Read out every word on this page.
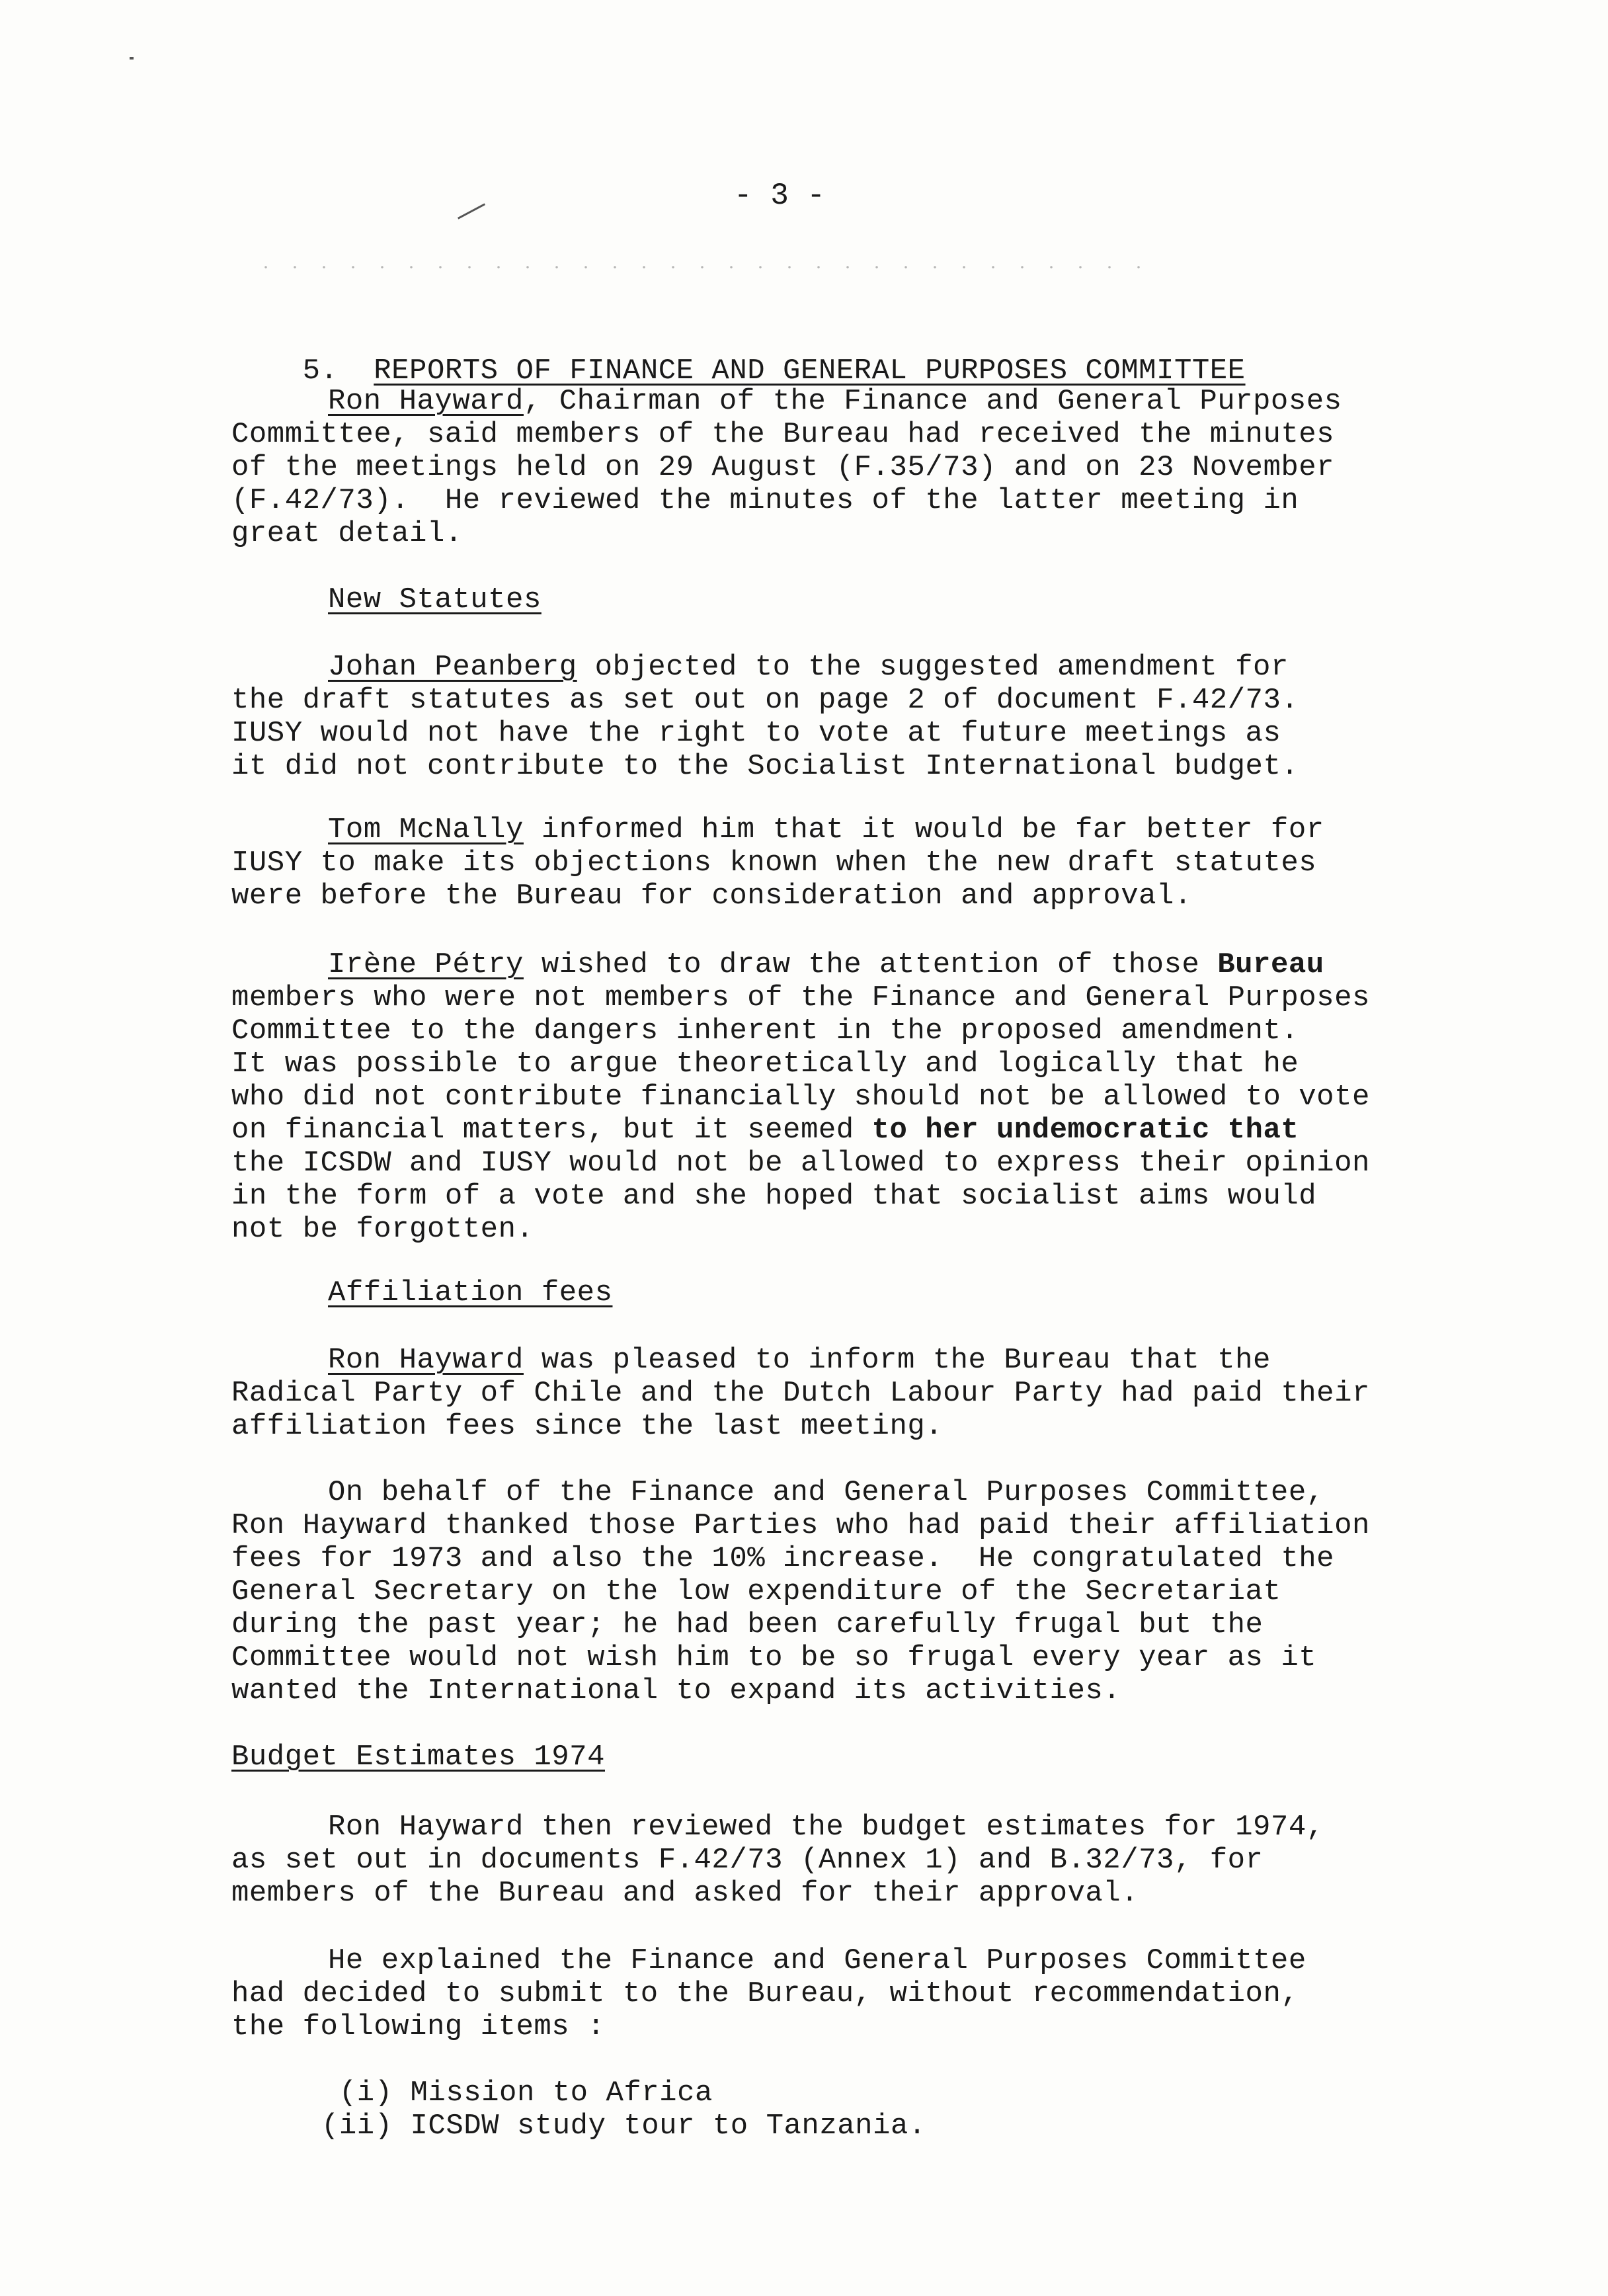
- 3 -

5. REPORTS OF FINANCE AND GENERAL PURPOSES COMMITTEE

Ron Hayward, Chairman of the Finance and General Purposes
Committee, said members of the Bureau had received the minutes
of the meetings held on 29 August (F.35/73) and on 23 November
(F.42/73).  He reviewed the minutes of the latter meeting in
great detail.
New Statutes
Johan Peanberg objected to the suggested amendment for
the draft statutes as set out on page 2 of document F.42/73.
IUSY would not have the right to vote at future meetings as
it did not contribute to the Socialist International budget.
Tom McNally informed him that it would be far better for
IUSY to make its objections known when the new draft statutes
were before the Bureau for consideration and approval.
Irène Pétry wished to draw the attention of those Bureau
members who were not members of the Finance and General Purposes
Committee to the dangers inherent in the proposed amendment.
It was possible to argue theoretically and logically that he
who did not contribute financially should not be allowed to vote
on financial matters, but it seemed to her undemocratic that
the ICSDW and IUSY would not be allowed to express their opinion
in the form of a vote and she hoped that socialist aims would
not be forgotten.
Affiliation fees
Ron Hayward was pleased to inform the Bureau that the
Radical Party of Chile and the Dutch Labour Party had paid their
affiliation fees since the last meeting.
On behalf of the Finance and General Purposes Committee,
Ron Hayward thanked those Parties who had paid their affiliation
fees for 1973 and also the 10% increase.  He congratulated the
General Secretary on the low expenditure of the Secretariat
during the past year; he had been carefully frugal but the
Committee would not wish him to be so frugal every year as it
wanted the International to expand its activities.
Budget Estimates 1974
Ron Hayward then reviewed the budget estimates for 1974,
as set out in documents F.42/73 (Annex 1) and B.32/73, for
members of the Bureau and asked for their approval.
He explained the Finance and General Purposes Committee
had decided to submit to the Bureau, without recommendation,
the following items :
(i) Mission to Africa
(ii) ICSDW study tour to Tanzania.
